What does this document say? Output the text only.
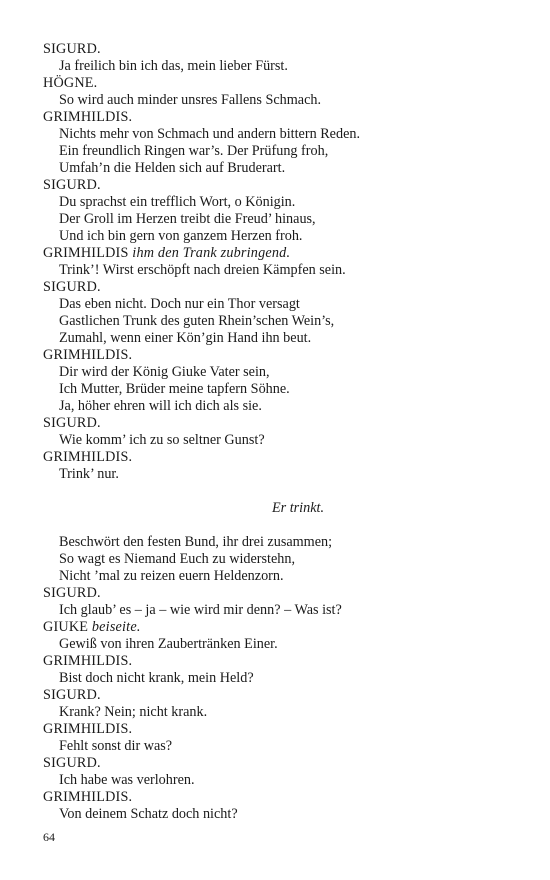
SIGURD.

Ja freilich bin ich das, mein lieber Fürst.

HÖGNE.

So wird auch minder unsres Fallens Schmach.

GRIMHILDIS.

Nichts mehr von Schmach und andern bittern Reden.

Ein freundlich Ringen war’s. Der Prüfung froh,

Umfah’n die Helden sich auf Bruderart.

SIGURD.

Du sprachst ein trefflich Wort, o Königin.

Der Groll im Herzen treibt die Freud’ hinaus,

Und ich bin gern von ganzem Herzen froh.

GRIMHILDIS ihm den Trank zubringend.

Trink’! Wirst erschöpft nach dreien Kämpfen sein.

SIGURD.

Das eben nicht. Doch nur ein Thor versagt

Gastlichen Trunk des guten Rhein’schen Wein’s,

Zumahl, wenn einer Kön’gin Hand ihn beut.

GRIMHILDIS.

Dir wird der König Giuke Vater sein,

Ich Mutter, Brüder meine tapfern Söhne.

Ja, höher ehren will ich dich als sie.

SIGURD.

Wie komm’ ich zu so seltner Gunst?

GRIMHILDIS.

Trink’ nur.

Er trinkt.

Beschwört den festen Bund, ihr drei zusammen;

So wagt es Niemand Euch zu widerstehn,

Nicht ’mal zu reizen euern Heldenzorn.

SIGURD.

Ich glaub’ es – ja – wie wird mir denn? – Was ist?

GIUKE beiseite.

Gewiß von ihren Zaubertränken Einer.

GRIMHILDIS.

Bist doch nicht krank, mein Held?

SIGURD.

Krank? Nein; nicht krank.

GRIMHILDIS.

Fehlt sonst dir was?

SIGURD.

Ich habe was verlohren.

GRIMHILDIS.

Von deinem Schatz doch nicht?

64
